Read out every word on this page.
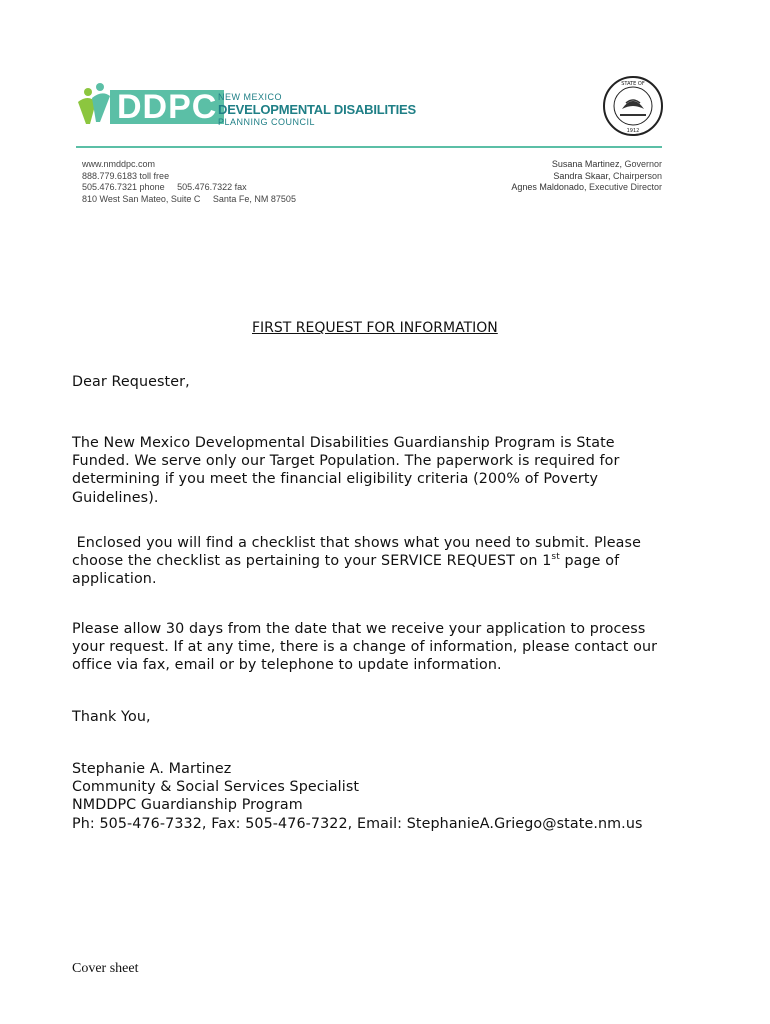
DDPC NEW MEXICO
DEVELOPMENTAL DISABILITIES
PLANNING COUNCIL
STATE OF
1912
www.nmddpc.com
888.779.6183 toll free
505.476.7321 phone     505.476.7322 fax
810 West San Mateo, Suite C     Santa Fe, NM 87505
Susana Martinez, Governor
Sandra Skaar, Chairperson
Agnes Maldonado, Executive Director
FIRST REQUEST FOR INFORMATION
Dear Requester,
The New Mexico Developmental Disabilities Guardianship Program is State
Funded. We serve only our Target Population. The paperwork is required for
determining if you meet the financial eligibility criteria (200% of Poverty
Guidelines).
Enclosed you will find a checklist that shows what you need to submit. Please
choose the checklist as pertaining to your SERVICE REQUEST on 1st page of
application.
Please allow 30 days from the date that we receive your application to process
your request. If at any time, there is a change of information, please contact our
office via fax, email or by telephone to update information.
Thank You,
Stephanie A. Martinez
Community & Social Services Specialist
NMDDPC Guardianship Program
Ph: 505-476-7332, Fax: 505-476-7322, Email: StephanieA.Griego@state.nm.us
Cover sheet
